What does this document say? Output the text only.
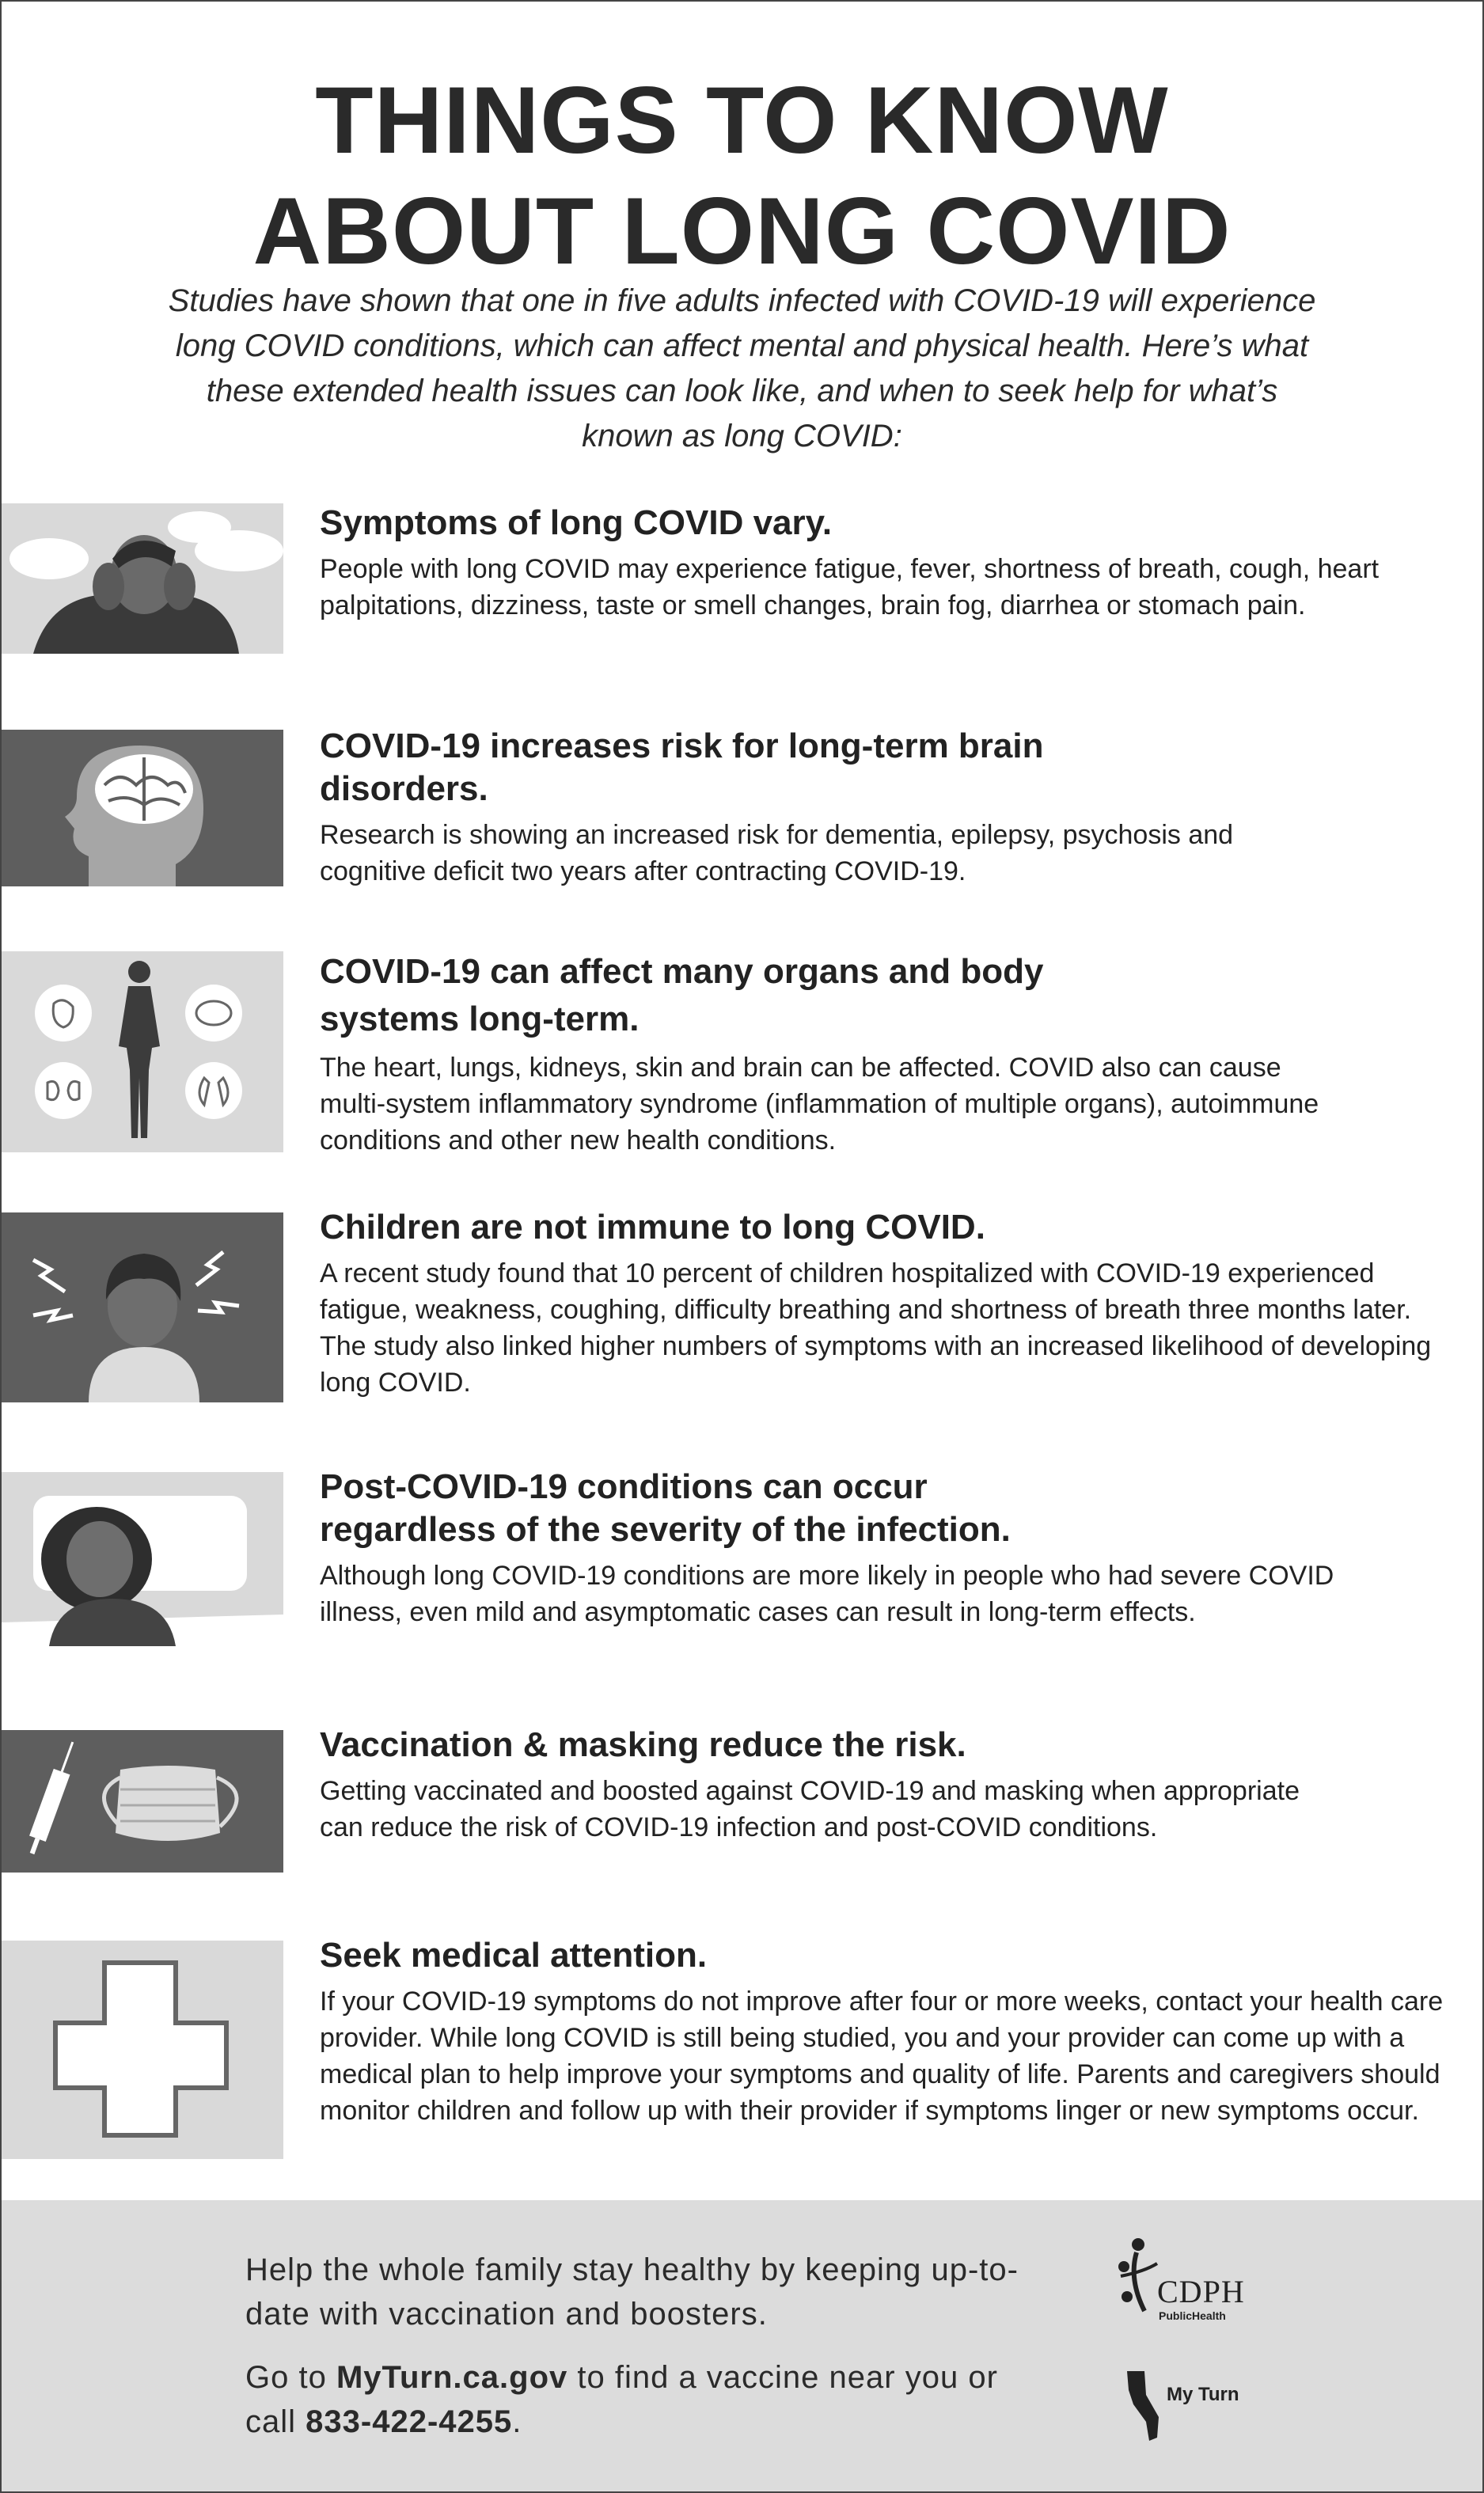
THINGS TO KNOW
ABOUT LONG COVID

Studies have shown that one in five adults infected with COVID-19 will experience long COVID conditions, which can affect mental and physical health. Here’s what these extended health issues can look like, and when to seek help for what’s known as long COVID:

Symptoms of long COVID vary.

People with long COVID may experience fatigue, fever, shortness of breath, cough, heart palpitations, dizziness, taste or smell changes, brain fog, diarrhea or stomach pain.

COVID-19 increases risk for long-term brain disorders.

Research is showing an increased risk for dementia, epilepsy, psychosis and cognitive deficit two years after contracting COVID-19.

COVID-19 can affect many organs and body systems long-term.

The heart, lungs, kidneys, skin and brain can be affected. COVID also can cause multi-system inflammatory syndrome (inflammation of multiple organs), autoimmune conditions and other new health conditions.

Children are not immune to long COVID.

A recent study found that 10 percent of children hospitalized with COVID-19 experienced fatigue, weakness, coughing, difficulty breathing and shortness of breath three months later. The study also linked higher numbers of symptoms with an increased likelihood of developing long COVID.

Post-COVID-19 conditions can occur regardless of the severity of the infection.

Although long COVID-19 conditions are more likely in people who had severe COVID illness, even mild and asymptomatic cases can result in long-term effects.

Vaccination & masking reduce the risk.

Getting vaccinated and boosted against COVID-19 and masking when appropriate can reduce the risk of COVID-19 infection and post-COVID conditions.

Seek medical attention.

If your COVID-19 symptoms do not improve after four or more weeks, contact your health care provider. While long COVID is still being studied, you and your provider can come up with a medical plan to help improve your symptoms and quality of life. Parents and caregivers should monitor children and follow up with their provider if symptoms linger or new symptoms occur.

Help the whole family stay healthy by keeping up-to-date with vaccination and boosters.
Go to MyTurn.ca.gov to find a vaccine near you or call 833-422-4255.
CDPH
PublicHealth
My Turn
